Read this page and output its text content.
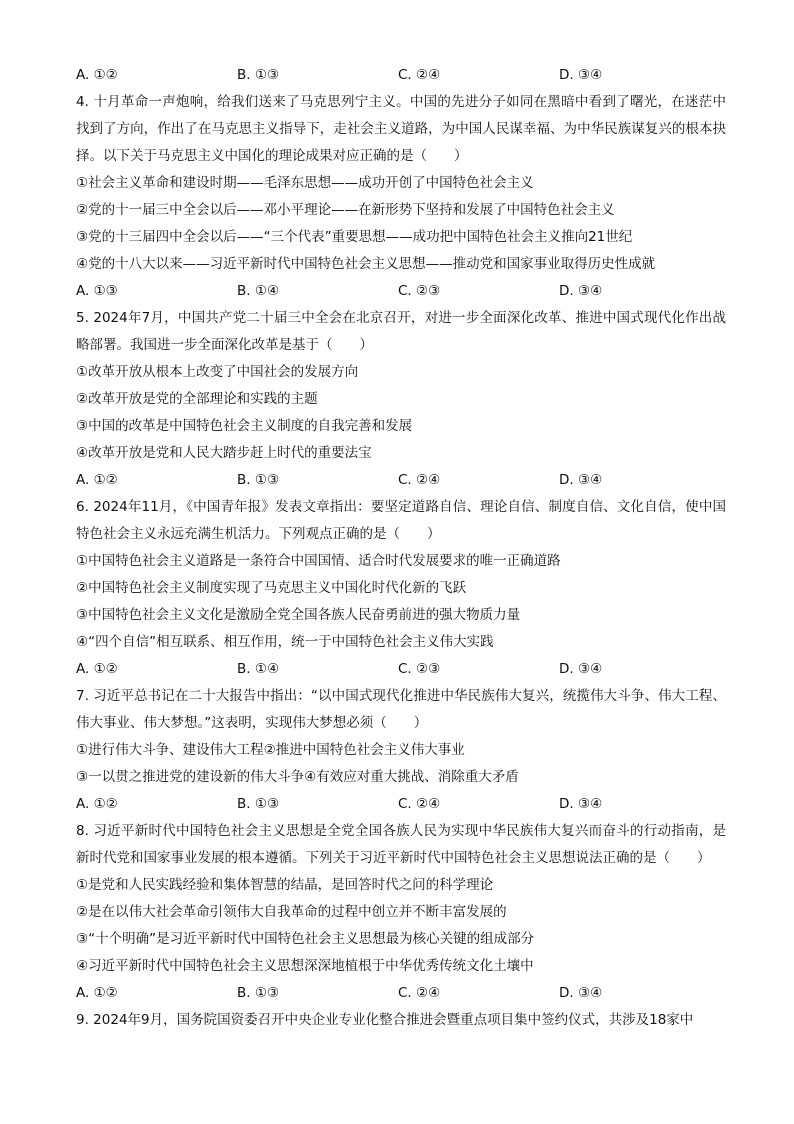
A. ①②	B. ①③	C. ②④	D. ③④
4. 十月革命一声炮响，给我们送来了马克思列宁主义。中国的先进分子如同在黑暗中看到了曙光，在迷茫中找到了方向，作出了在马克思主义指导下，走社会主义道路，为中国人民谋幸福、为中华民族谋复兴的根本抉择。以下关于马克思主义中国化的理论成果对应正确的是（　　）
①社会主义革命和建设时期——毛泽东思想——成功开创了中国特色社会主义
②党的十一届三中全会以后——邓小平理论——在新形势下坚持和发展了中国特色社会主义
③党的十三届四中全会以后——“三个代表”重要思想——成功把中国特色社会主义推向21世纪
④党的十八大以来——习近平新时代中国特色社会主义思想——推动党和国家事业取得历史性成就
A. ①③	B. ①④	C. ②③	D. ③④
5. 2024年7月，中国共产党二十届三中全会在北京召开，对进一步全面深化改革、推进中国式现代化作出战略部署。我国进一步全面深化改革是基于（　　）
①改革开放从根本上改变了中国社会的发展方向
②改革开放是党的全部理论和实践的主题
③中国的改革是中国特色社会主义制度的自我完善和发展
④改革开放是党和人民大踏步赶上时代的重要法宝
A. ①②	B. ①③	C. ②④	D. ③④
6. 2024年11月，《中国青年报》发表文章指出：要坚定道路自信、理论自信、制度自信、文化自信，使中国特色社会主义永远充满生机活力。下列观点正确的是（　　）
①中国特色社会主义道路是一条符合中国国情、适合时代发展要求的唯一正确道路
②中国特色社会主义制度实现了马克思主义中国化时代化新的飞跃
③中国特色社会主义文化是激励全党全国各族人民奋勇前进的强大物质力量
④“四个自信”相互联系、相互作用，统一于中国特色社会主义伟大实践
A. ①②	B. ①④	C. ②③	D. ③④
7. 习近平总书记在二十大报告中指出：“以中国式现代化推进中华民族伟大复兴，统揽伟大斗争、伟大工程、伟大事业、伟大梦想。”这表明，实现伟大梦想必须（　　）
①进行伟大斗争、建设伟大工程②推进中国特色社会主义伟大事业
③一以贯之推进党的建设新的伟大斗争④有效应对重大挑战、消除重大矛盾
A. ①②	B. ①③	C. ②④	D. ③④
8. 习近平新时代中国特色社会主义思想是全党全国各族人民为实现中华民族伟大复兴而奋斗的行动指南，是新时代党和国家事业发展的根本遵循。下列关于习近平新时代中国特色社会主义思想说法正确的是（　　）
①是党和人民实践经验和集体智慧的结晶，是回答时代之问的科学理论
②是在以伟大社会革命引领伟大自我革命的过程中创立并不断丰富发展的
③“十个明确”是习近平新时代中国特色社会主义思想最为核心关键的组成部分
④习近平新时代中国特色社会主义思想深深地植根于中华优秀传统文化土壤中
A. ①②	B. ①③	C. ②④	D. ③④
9. 2024年9月，国务院国资委召开中央企业专业化整合推进会暨重点项目集中签约仪式，共涉及18家中
